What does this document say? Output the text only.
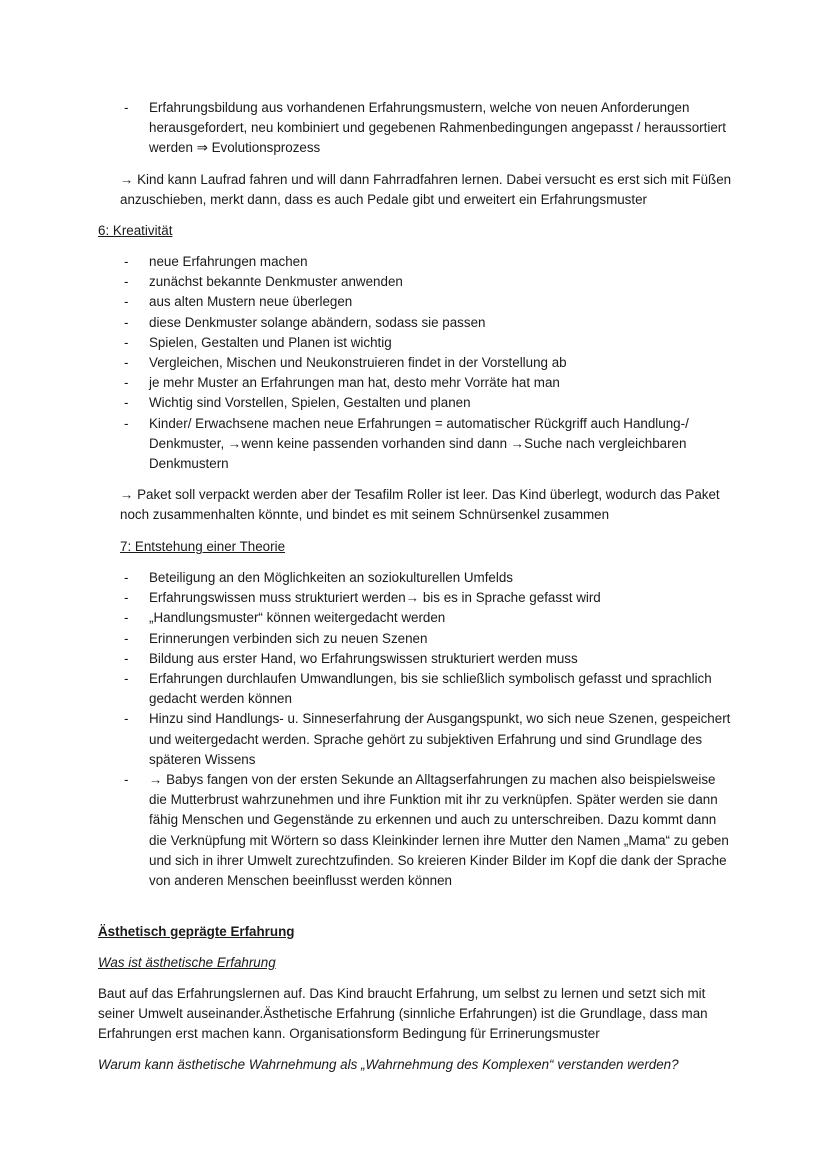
- Erfahrungsbildung aus vorhandenen Erfahrungsmustern, welche von neuen Anforderungen herausgefordert, neu kombiniert und gegebenen Rahmenbedingungen angepasst / heraussortiert werden ⇒ Evolutionsprozess

→ Kind kann Laufrad fahren und will dann Fahrradfahren lernen. Dabei versucht es erst sich mit Füßen anzuschieben, merkt dann, dass es auch Pedale gibt und erweitert ein Erfahrungsmuster

6: Kreativität

- neue Erfahrungen machen
- zunächst bekannte Denkmuster anwenden
- aus alten Mustern neue überlegen
- diese Denkmuster solange abändern, sodass sie passen
- Spielen, Gestalten und Planen ist wichtig
- Vergleichen, Mischen und Neukonstruieren findet in der Vorstellung ab
- je mehr Muster an Erfahrungen man hat, desto mehr Vorräte hat man
- Wichtig sind Vorstellen, Spielen, Gestalten und planen
- Kinder/ Erwachsene machen neue Erfahrungen = automatischer Rückgriff auch Handlung-/ Denkmuster, →wenn keine passenden vorhanden sind dann →Suche nach vergleichbaren Denkmustern

→ Paket soll verpackt werden aber der Tesafilm Roller ist leer. Das Kind überlegt, wodurch das Paket noch zusammenhalten könnte, und bindet es mit seinem Schnürsenkel zusammen

7: Entstehung einer Theorie

- Beteiligung an den Möglichkeiten an soziokulturellen Umfelds
- Erfahrungswissen muss strukturiert werden→ bis es in Sprache gefasst wird
- „Handlungsmuster“ können weitergedacht werden
- Erinnerungen verbinden sich zu neuen Szenen
- Bildung aus erster Hand, wo Erfahrungswissen strukturiert werden muss
- Erfahrungen durchlaufen Umwandlungen, bis sie schließlich symbolisch gefasst und sprachlich gedacht werden können
- Hinzu sind Handlungs- u. Sinneserfahrung der Ausgangspunkt, wo sich neue Szenen, gespeichert und weitergedacht werden. Sprache gehört zu subjektiven Erfahrung und sind Grundlage des späteren Wissens
- → Babys fangen von der ersten Sekunde an Alltagserfahrungen zu machen also beispielsweise die Mutterbrust wahrzunehmen und ihre Funktion mit ihr zu verknüpfen. Später werden sie dann fähig Menschen und Gegenstände zu erkennen und auch zu unterschreiben. Dazu kommt dann die Verknüpfung mit Wörtern so dass Kleinkinder lernen ihre Mutter den Namen „Mama“ zu geben und sich in ihrer Umwelt zurechtzufinden. So kreieren Kinder Bilder im Kopf die dank der Sprache von anderen Menschen beeinflusst werden können

Ästhetisch geprägte Erfahrung

Was ist ästhetische Erfahrung

Baut auf das Erfahrungslernen auf. Das Kind braucht Erfahrung, um selbst zu lernen und setzt sich mit seiner Umwelt auseinander.Ästhetische Erfahrung (sinnliche Erfahrungen) ist die Grundlage, dass man Erfahrungen erst machen kann. Organisationsform Bedingung für Errinerungsmuster

Warum kann ästhetische Wahrnehmung als „Wahrnehmung des Komplexen“ verstanden werden?
